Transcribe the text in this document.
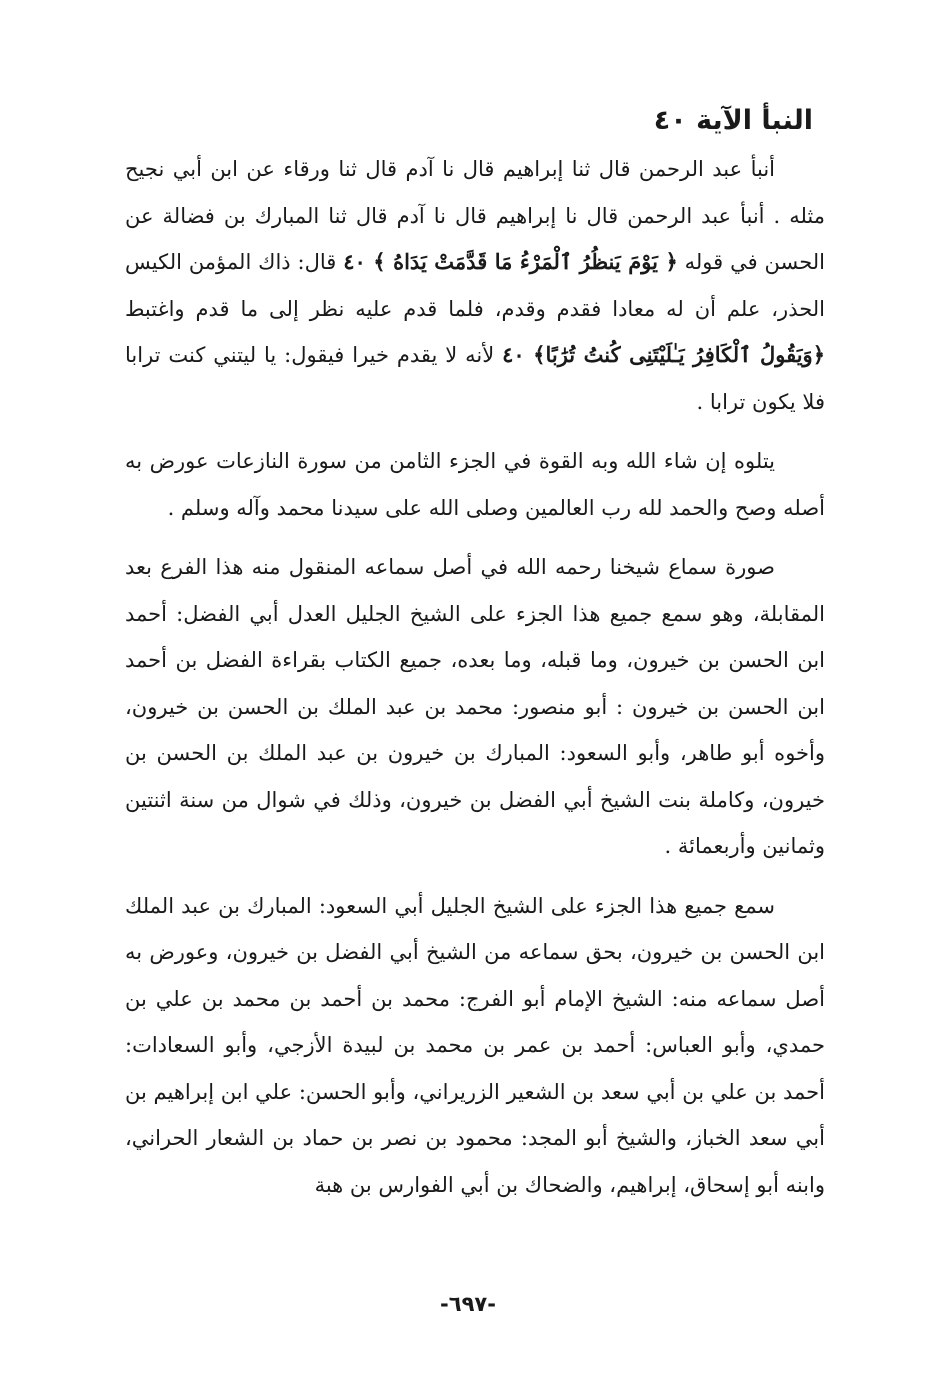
النبأ الآية ٤٠

أنبأ عبد الرحمن قال ثنا إبراهيم قال نا آدم قال ثنا ورقاء عن ابن أبي نجيح مثله . أنبأ عبد الرحمن قال نا إبراهيم قال نا آدم قال ثنا المبارك بن فضالة عن الحسن في قوله ﴿ يَوْمَ يَنظُرُ ٱلْمَرْءُ مَا قَدَّمَتْ يَدَاهُ ﴾ ٤٠ قال: ذاك المؤمن الكيس الحذر، علم أن له معادا فقدم وقدم، فلما قدم عليه نظر إلى ما قدم واغتبط ﴿وَيَقُولُ ٱلْكَافِرُ يَـٰلَيْتَنِى كُنتُ تُرَٰبًا﴾ ٤٠ لأنه لا يقدم خيرا فيقول: يا ليتني كنت ترابا فلا يكون ترابا .

يتلوه إن شاء الله وبه القوة في الجزء الثامن من سورة النازعات عورض به أصله وصح والحمد لله رب العالمين وصلى الله على سيدنا محمد وآله وسلم .

صورة سماع شيخنا رحمه الله في أصل سماعه المنقول منه هذا الفرع بعد المقابلة، وهو سمع جميع هذا الجزء على الشيخ الجليل العدل أبي الفضل: أحمد ابن الحسن بن خيرون، وما قبله، وما بعده، جميع الكتاب بقراءة الفضل بن أحمد ابن الحسن بن خيرون : أبو منصور: محمد بن عبد الملك بن الحسن بن خيرون، وأخوه أبو طاهر، وأبو السعود: المبارك بن خيرون بن عبد الملك بن الحسن بن خيرون، وكاملة بنت الشيخ أبي الفضل بن خيرون، وذلك في شوال من سنة اثنتين وثمانين وأربعمائة .

سمع جميع هذا الجزء على الشيخ الجليل أبي السعود: المبارك بن عبد الملك ابن الحسن بن خيرون، بحق سماعه من الشيخ أبي الفضل بن خيرون، وعورض به أصل سماعه منه: الشيخ الإمام أبو الفرج: محمد بن أحمد بن محمد بن علي بن حمدي، وأبو العباس: أحمد بن عمر بن محمد بن لبيدة الأزجي، وأبو السعادات: أحمد بن علي بن أبي سعد بن الشعير الزريراني، وأبو الحسن: علي ابن إبراهيم بن أبي سعد الخباز، والشيخ أبو المجد: محمود بن نصر بن حماد بن الشعار الحراني، وابنه أبو إسحاق، إبراهيم، والضحاك بن أبي الفوارس بن هبة

-٦٩٧-
